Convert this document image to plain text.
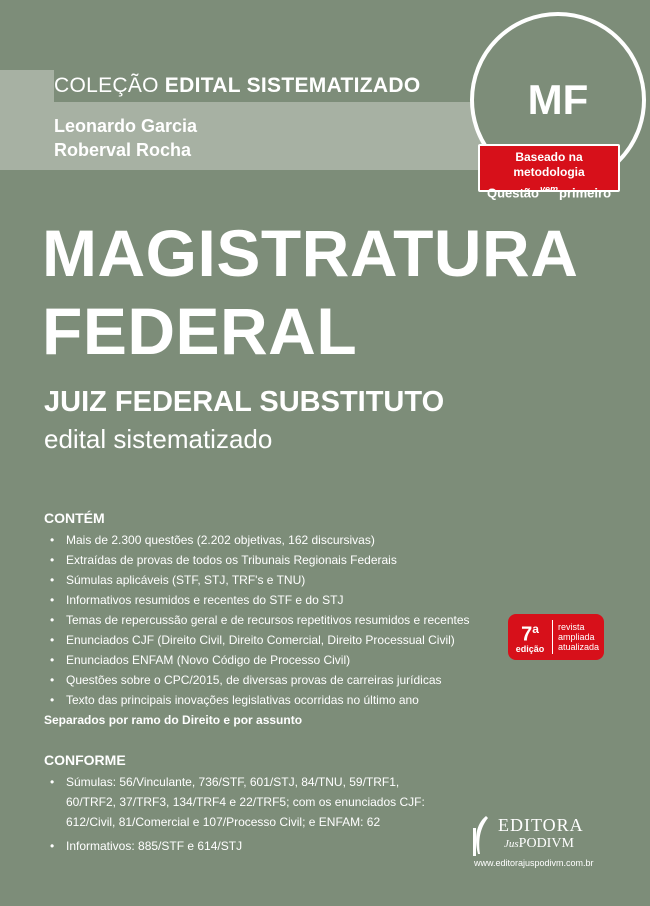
COLEÇÃO EDITAL SISTEMATIZADO
Leonardo Garcia
Roberval Rocha
MF
Baseado na metodologia
Questão$^{vem}$primeiro
MAGISTRATURA
FEDERAL
JUIZ FEDERAL SUBSTITUTO
edital sistematizado
CONTÉM
• Mais de 2.300 questões (2.202 objetivas, 162 discursivas)
• Extraídas de provas de todos os Tribunais Regionais Federais
• Súmulas aplicáveis (STF, STJ, TRF's e TNU)
• Informativos resumidos e recentes do STF e do STJ
• Temas de repercussão geral e de recursos repetitivos resumidos e recentes
• Enunciados CJF (Direito Civil, Direito Comercial, Direito Processual Civil)
• Enunciados ENFAM (Novo Código de Processo Civil)
• Questões sobre o CPC/2015, de diversas provas de carreiras jurídicas
• Texto das principais inovações legislativas ocorridas no último ano
Separados por ramo do Direito e por assunto
CONFORME
• Súmulas: 56/Vinculante, 736/STF, 601/STJ, 84/TNU, 59/TRF1, 60/TRF2, 37/TRF3, 134/TRF4 e 22/TRF5; com os enunciados CJF: 612/Civil, 81/Comercial e 107/Processo Civil; e ENFAM: 62
• Informativos: 885/STF e 614/STJ
7$^a$
edição
revista
ampliada
atualizada
EDITORA
JusPODIVM
www.editorajuspodivm.com.br
